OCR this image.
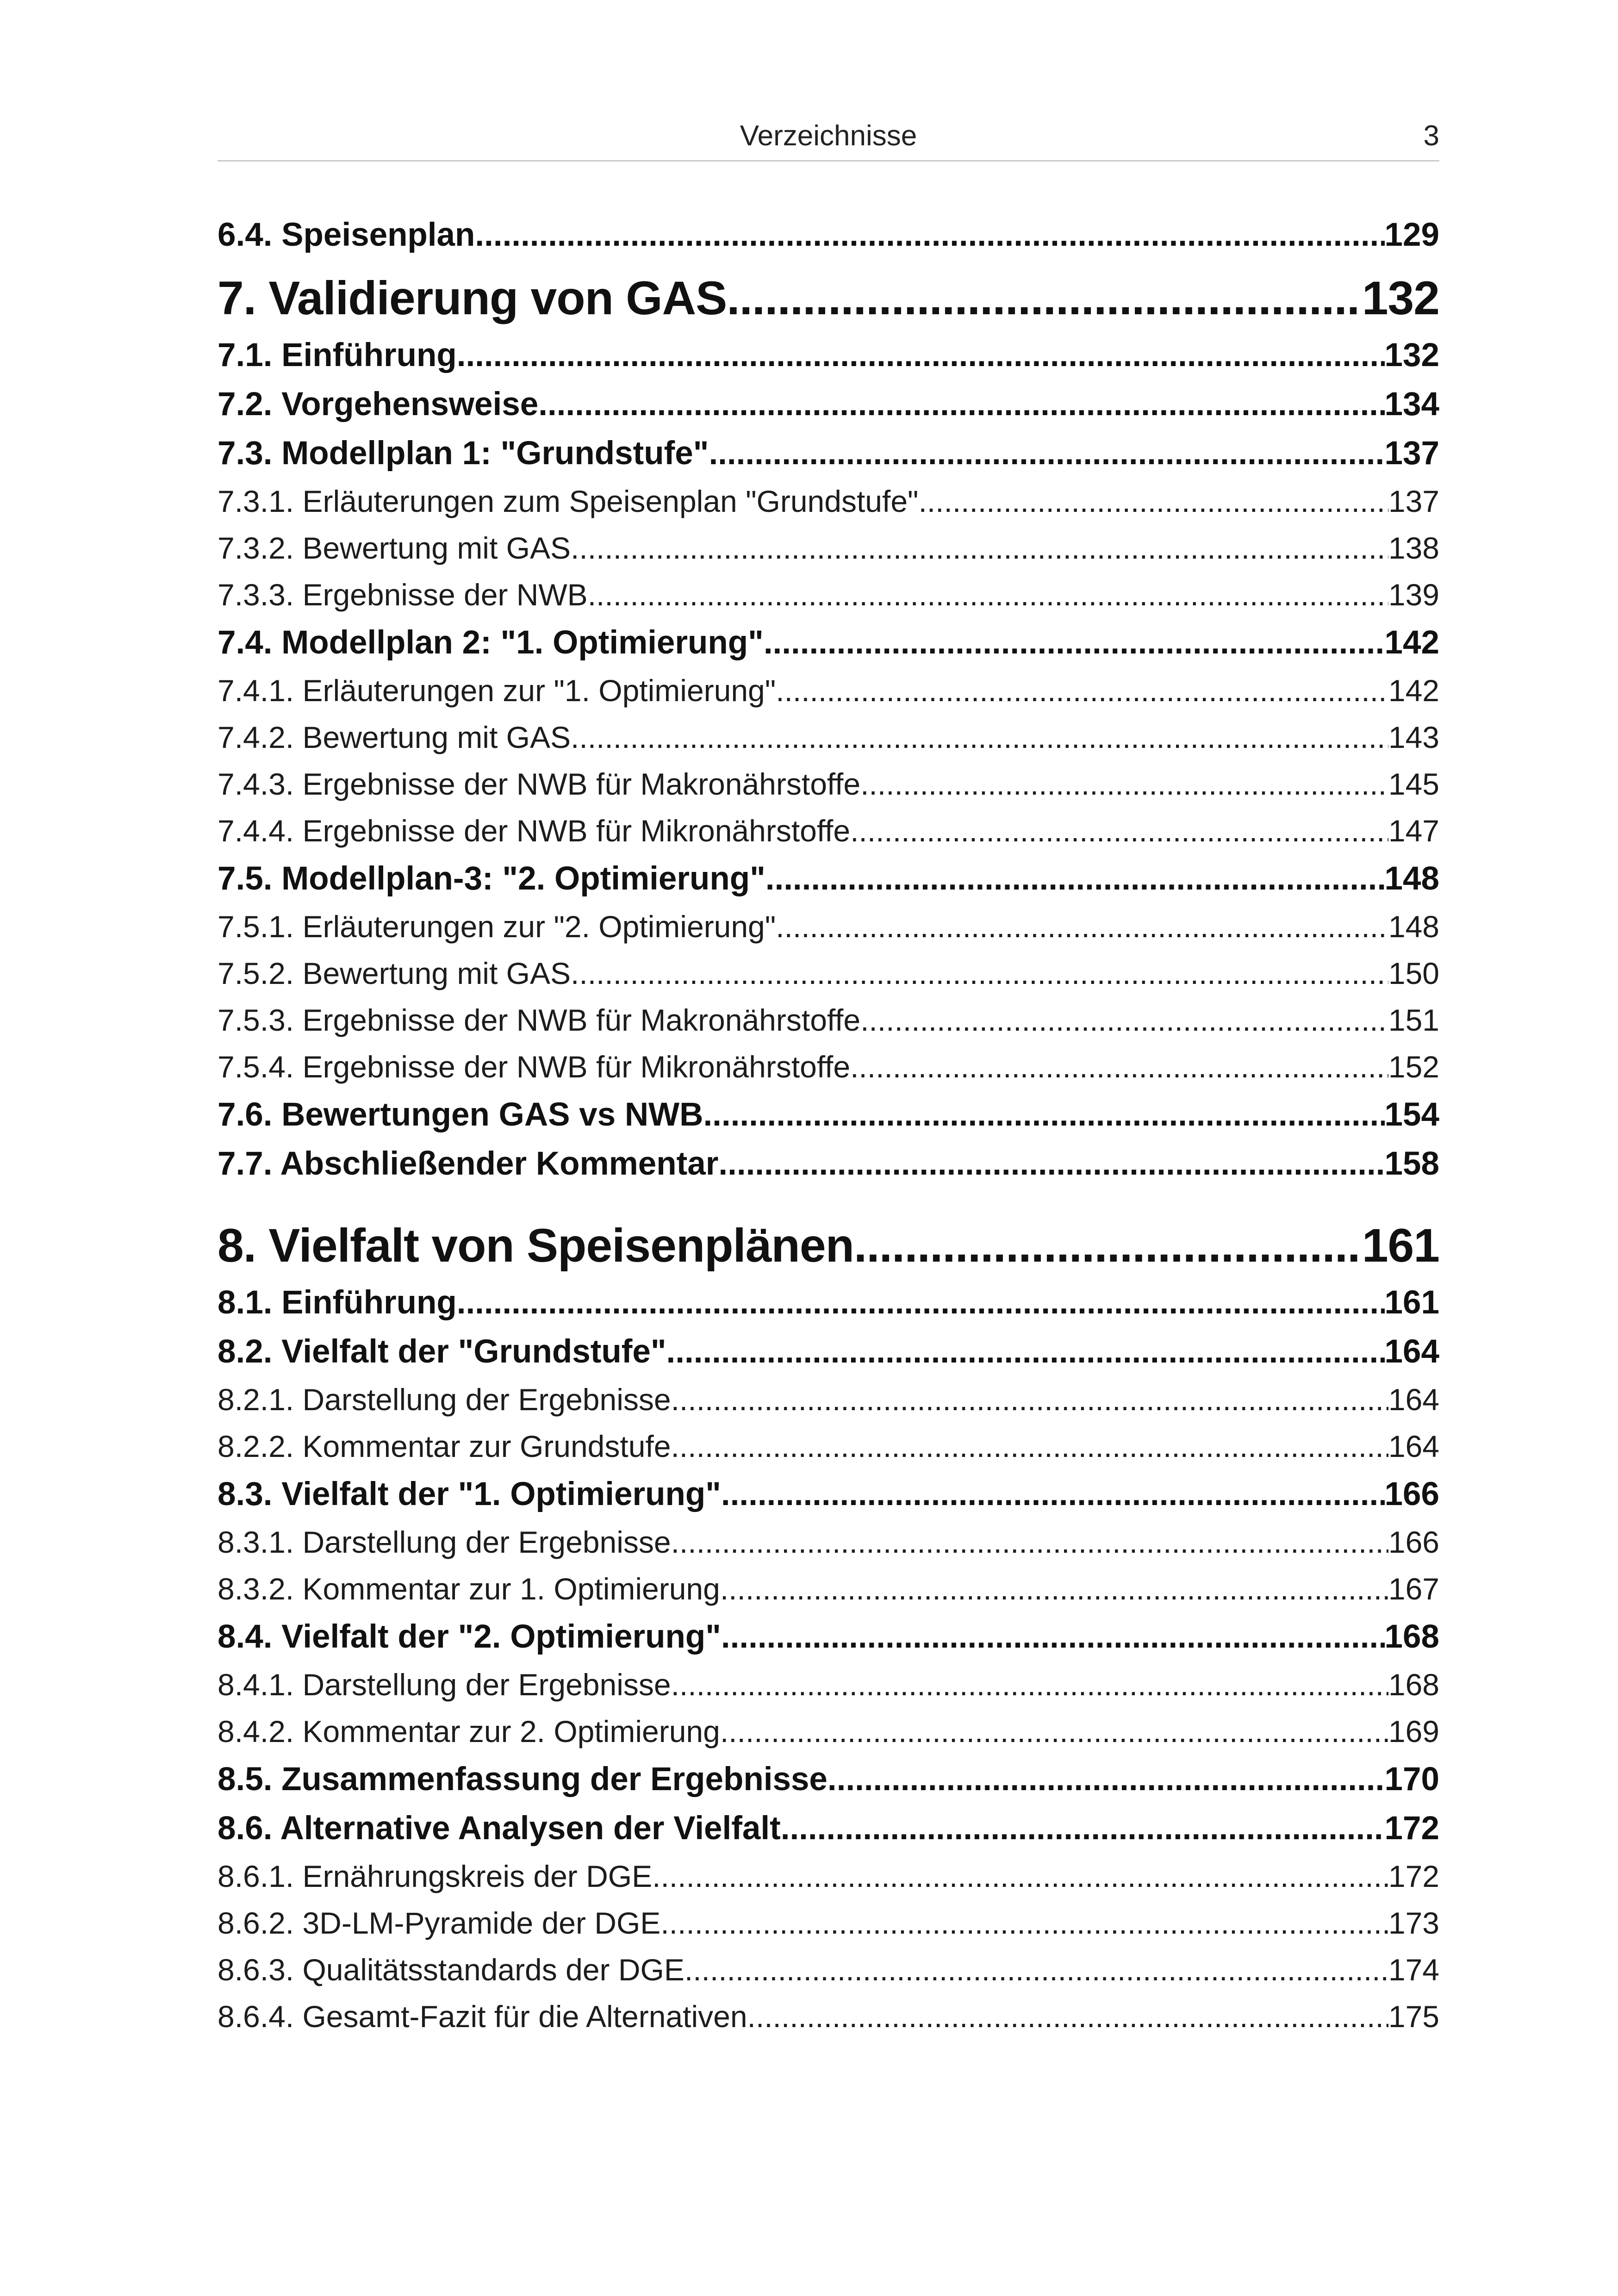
Verzeichnisse	3
6.4. Speisenplan .....	129
7. Validierung von GAS .....	132
7.1. Einführung .....	132
7.2. Vorgehensweise .....	134
7.3. Modellplan 1: "Grundstufe" .....	137
7.3.1. Erläuterungen zum Speisenplan "Grundstufe" .....	137
7.3.2. Bewertung mit GAS .....	138
7.3.3. Ergebnisse der NWB .....	139
7.4. Modellplan 2: "1. Optimierung" .....	142
7.4.1. Erläuterungen zur "1. Optimierung" .....	142
7.4.2. Bewertung mit GAS .....	143
7.4.3. Ergebnisse der NWB für Makronährstoffe .....	145
7.4.4. Ergebnisse der NWB für Mikronährstoffe .....	147
7.5. Modellplan-3: "2. Optimierung" .....	148
7.5.1. Erläuterungen zur "2. Optimierung" .....	148
7.5.2. Bewertung mit GAS .....	150
7.5.3. Ergebnisse der NWB für Makronährstoffe .....	151
7.5.4. Ergebnisse der NWB für Mikronährstoffe .....	152
7.6. Bewertungen GAS vs NWB .....	154
7.7. Abschließender Kommentar .....	158
8. Vielfalt von Speisenplänen .....	161
8.1. Einführung .....	161
8.2. Vielfalt der "Grundstufe" .....	164
8.2.1. Darstellung der Ergebnisse .....	164
8.2.2. Kommentar zur Grundstufe .....	164
8.3. Vielfalt der "1. Optimierung" .....	166
8.3.1. Darstellung der Ergebnisse .....	166
8.3.2. Kommentar zur 1. Optimierung .....	167
8.4. Vielfalt der "2. Optimierung" .....	168
8.4.1. Darstellung der Ergebnisse .....	168
8.4.2. Kommentar zur 2. Optimierung .....	169
8.5. Zusammenfassung der Ergebnisse .....	170
8.6. Alternative Analysen der Vielfalt .....	172
8.6.1. Ernährungskreis der DGE .....	172
8.6.2. 3D-LM-Pyramide der DGE .....	173
8.6.3. Qualitätsstandards der DGE .....	174
8.6.4. Gesamt-Fazit für die Alternativen .....	175
